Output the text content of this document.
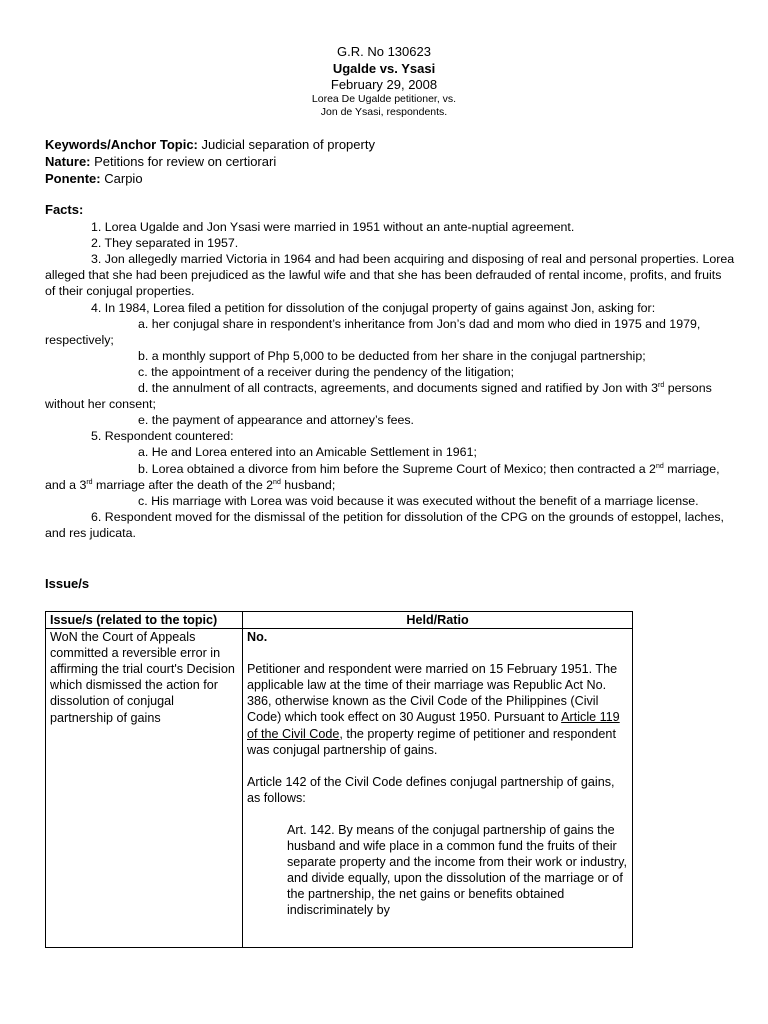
G.R. No 130623
Ugalde vs. Ysasi
February 29, 2008
Lorea De Ugalde petitioner, vs.
Jon de Ysasi, respondents.
Keywords/Anchor Topic: Judicial separation of property
Nature: Petitions for review on certiorari
Ponente: Carpio
Facts:

1. Lorea Ugalde and Jon Ysasi were married in 1951 without an ante-nuptial agreement.

2. They separated in 1957.

3. Jon allegedly married Victoria in 1964 and had been acquiring and disposing of real and personal properties. Lorea alleged that she had been prejudiced as the lawful wife and that she has been defrauded of rental income, profits, and fruits of their conjugal properties.

4. In 1984, Lorea filed a petition for dissolution of the conjugal property of gains against Jon, asking for:

a. her conjugal share in respondent’s inheritance from Jon’s dad and mom who died in 1975 and 1979, respectively;

b. a monthly support of Php 5,000 to be deducted from her share in the conjugal partnership;

c. the appointment of a receiver during the pendency of the litigation;

d. the annulment of all contracts, agreements, and documents signed and ratified by Jon with 3rd persons without her consent;

e. the payment of appearance and attorney’s fees.

5. Respondent countered:

a. He and Lorea entered into an Amicable Settlement in 1961;

b. Lorea obtained a divorce from him before the Supreme Court of Mexico; then contracted a 2nd marriage, and a 3rd marriage after the death of the 2nd husband;

c. His marriage with Lorea was void because it was executed without the benefit of a marriage license.

6. Respondent moved for the dismissal of the petition for dissolution of the CPG on the grounds of estoppel, laches, and res judicata.

Issue/s
Issue/s (related to the topic)	Held/Ratio
WoN the Court of Appeals committed a reversible error in affirming the trial court's Decision which dismissed the action for dissolution of conjugal partnership of gains	No.

Petitioner and respondent were married on 15 February 1951. The applicable law at the time of their marriage was Republic Act No. 386, otherwise known as the Civil Code of the Philippines (Civil Code) which took effect on 30 August 1950. Pursuant to Article 119 of the Civil Code, the property regime of petitioner and respondent was conjugal partnership of gains.

Article 142 of the Civil Code defines conjugal partnership of gains, as follows:

Art. 142. By means of the conjugal partnership of gains the husband and wife place in a common fund the fruits of their separate property and the income from their work or industry, and divide equally, upon the dissolution of the marriage or of the partnership, the net gains or benefits obtained indiscriminately by
